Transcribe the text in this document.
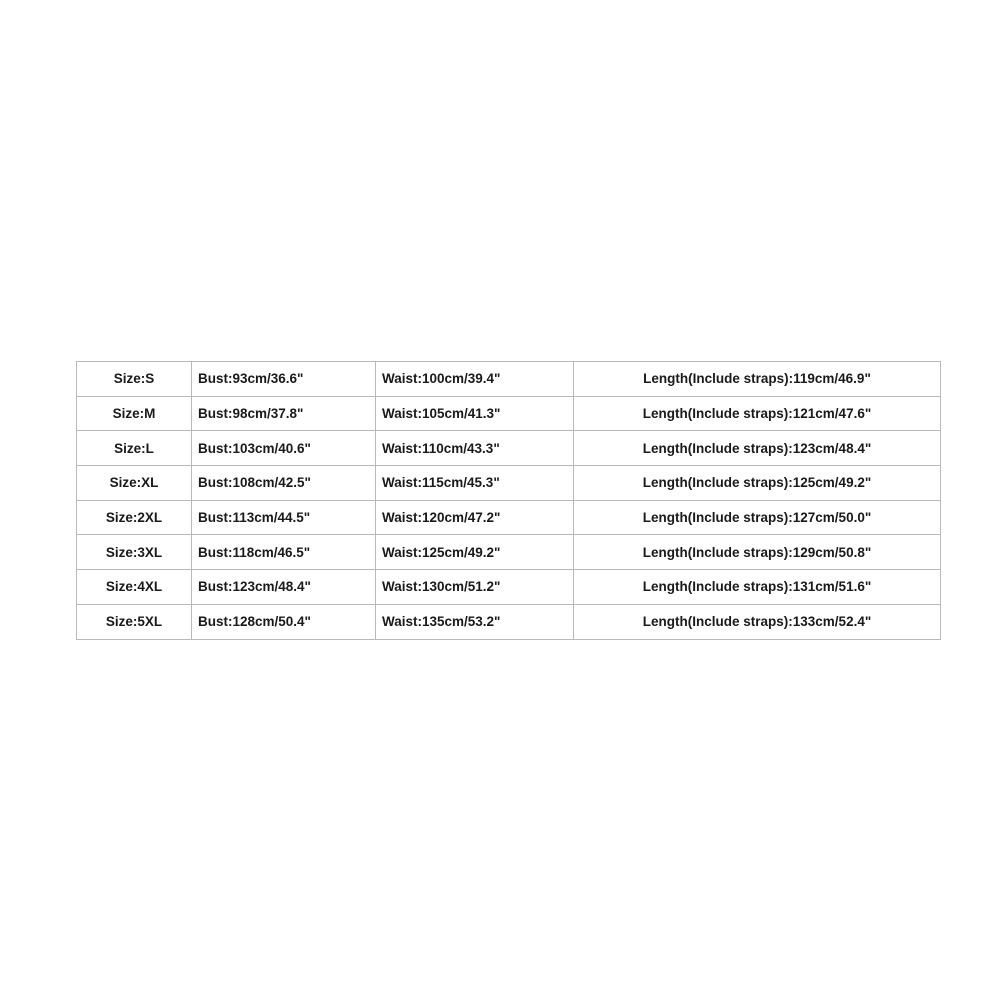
Size:S	Bust:93cm/36.6"	Waist:100cm/39.4"	Length(Include straps):119cm/46.9"
Size:M	Bust:98cm/37.8"	Waist:105cm/41.3"	Length(Include straps):121cm/47.6"
Size:L	Bust:103cm/40.6"	Waist:110cm/43.3"	Length(Include straps):123cm/48.4"
Size:XL	Bust:108cm/42.5"	Waist:115cm/45.3"	Length(Include straps):125cm/49.2"
Size:2XL	Bust:113cm/44.5"	Waist:120cm/47.2"	Length(Include straps):127cm/50.0"
Size:3XL	Bust:118cm/46.5"	Waist:125cm/49.2"	Length(Include straps):129cm/50.8"
Size:4XL	Bust:123cm/48.4"	Waist:130cm/51.2"	Length(Include straps):131cm/51.6"
Size:5XL	Bust:128cm/50.4"	Waist:135cm/53.2"	Length(Include straps):133cm/52.4"
